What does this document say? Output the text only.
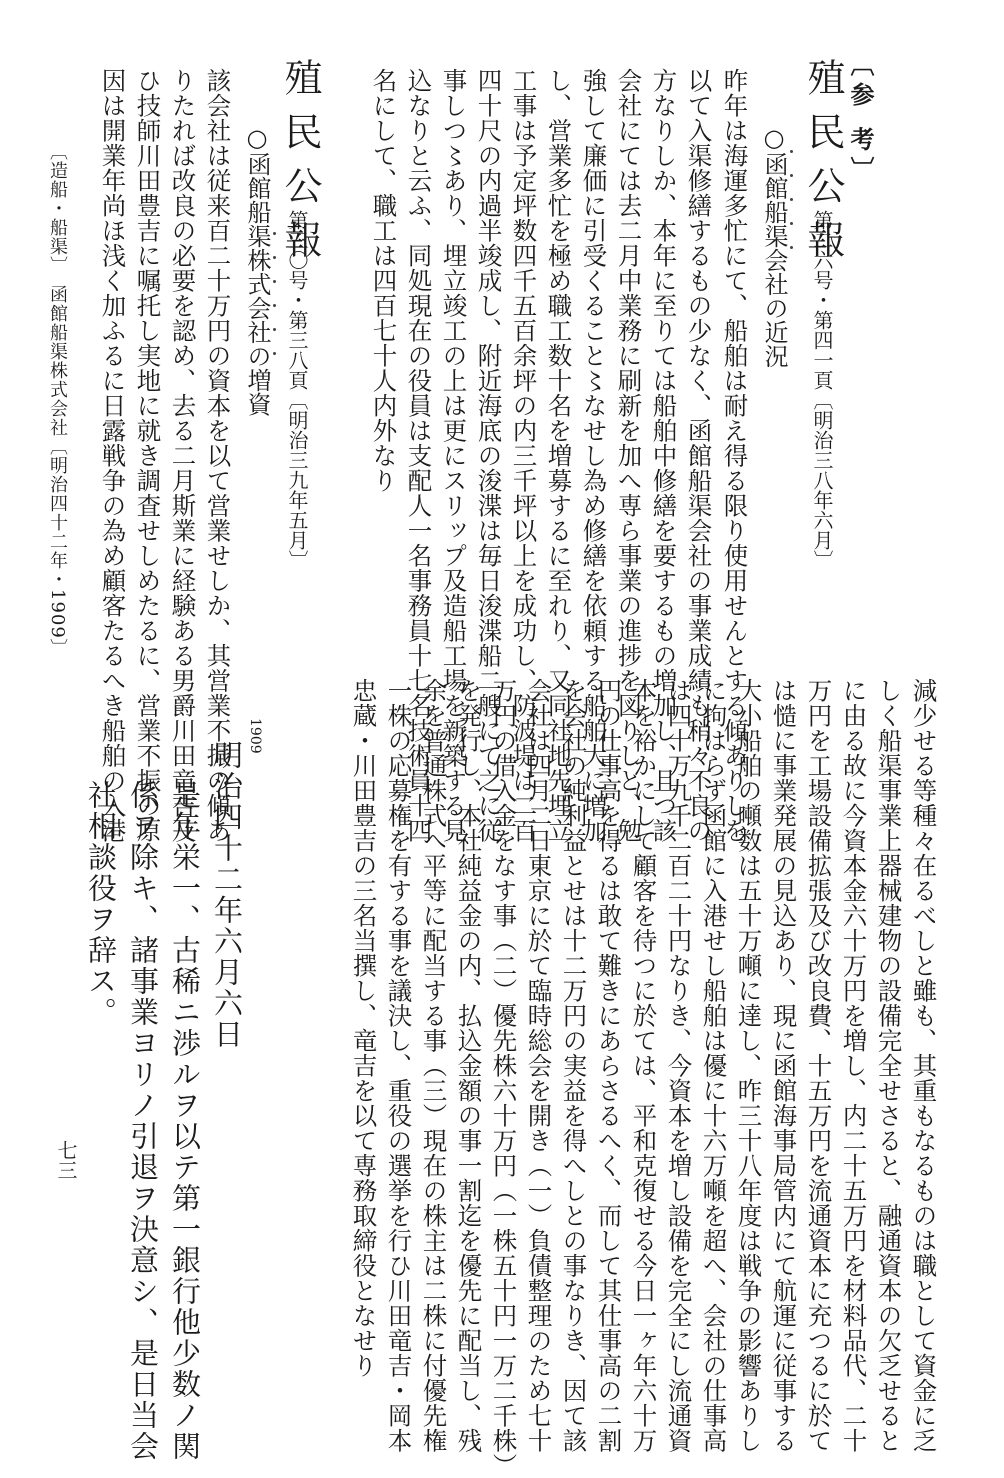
〔参 考〕
殖民公報
第二六号・第四一頁〔明治三八年六月〕
○函館船渠会社の近況
昨年は海運多忙にて、船舶は耐え得る限り使用せんとする傾ありしを
以て入渠修繕するもの少なく、函館船渠会社の事業成績も稍々不良の
方なりしか、本年に至りては船舶中修繕を要するもの増加し、且つ該
会社にては去二月中業務に刷新を加へ専ら事業の進捗を図りしと、勉
強して廉価に引受くること〻なせし為め修繕を依頼する船舶大に増加
し、営業多忙を極め職工数十名を増募するに至れり、又同社地先埋立
工事は予定坪数四千五百余坪の内三千坪以上を成功し、防波堤は二百
四十尺の内過半竣成し、附近海底の浚渫は毎日浚渫船二艘にて之に従
事しつ〻あり、埋立竣工の上は更にスリップ及造船工場を新築する見
込なりと云ふ、同処現在の役員は支配人一名事務員十七名技術員十四
名にして、職工は四百七十人内外なり
殖民公報
第三〇号・第三八頁〔明治三九年五月〕
○函館船渠株式会社の増資
該会社は従来百二十万円の資本を以て営業せしか、其営業不振の傾あ
りたれば改良の必要を認め、去る二月斯業に経験ある男爵川田竜吉及
ひ技師川田豊吉に嘱托し実地に就き調査せしめたるに、営業不振の原
因は開業年尚ほ浅く加ふるに日露戦争の為め顧客たるへき船舶の入港
〔造船・船渠〕　函館船渠株式会社〔明治四十二年・1909〕
減少せる等種々在るべしと雖も、其重もなるものは職として資金に乏
しく船渠事業上器械建物の設備完全せさると、融通資本の欠乏せると
に由る故に今資本金六十万円を増し、内二十五万円を材料品代、二十
万円を工場設備拡張及び改良費、十五万円を流通資本に充つるに於て
は慥に事業発展の見込あり、現に函館海事局管内にて航運に従事する
大小船舶の噸数は五十万噸に達し、昨三十八年度は戦争の影響ありし
に拘はらず函館に入港せし船舶は優に十六万噸を超へ、会社の仕事高
は四十万九千二百二十円なりき、今資本を増し設備を完全にし流通資
本を裕かにして顧客を待つに於ては、平和克復せる今日一ヶ年六十万
円の仕事高を得るは敢て難きにあらさるへく、而して其仕事高の二割
を会社の純利益とせは十二万円の実益を得へしとの事なりき、因て該
会社は四月二日東京に於て臨時総会を開き（一）負債整理のため七十
万円の借入金をなす事（二）優先株六十万円（一株五十円一万二千株）
を発行し、本社純益金の内、払込金額の事一割迄を優先に配当し、残
余を普通株式へ平等に配当する事（三）現在の株主は二株に付優先権
一株の応募権を有する事を議決し、重役の選挙を行ひ川田竜吉・岡本
忠蔵・川田豊吉の三名当撰し、竜吉を以て専務取締役となせり
1909
明治四十二年六月六日
是年栄一、古稀ニ渉ルヲ以テ第一銀行他少数ノ関
係ヲ除キ、諸事業ヨリノ引退ヲ決意シ、是日当会
社相談役ヲ辞ス。
七三
